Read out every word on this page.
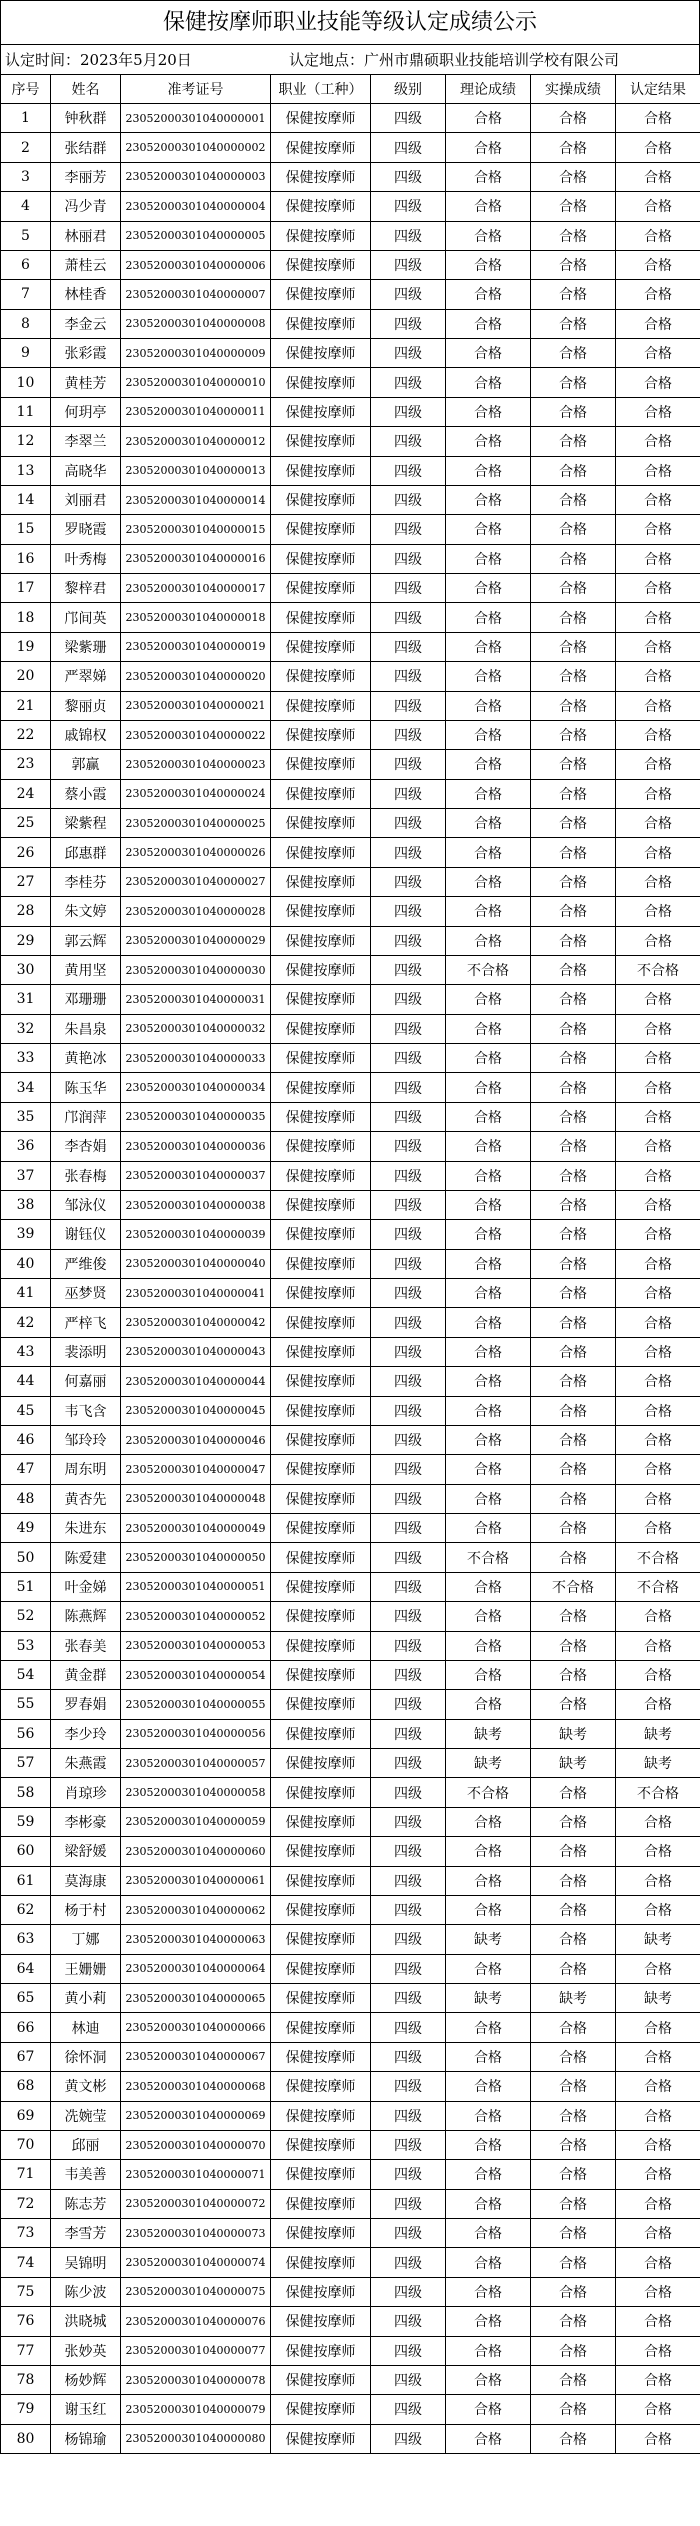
保健按摩师职业技能等级认定成绩公示
认定时间：2023年5月20日	认定地点：广州市鼎硕职业技能培训学校有限公司
序号	姓名	准考证号	职业（工种）	级别	理论成绩	实操成绩	认定结果
1	钟秋群	23052000301040000001	保健按摩师	四级	合格	合格	合格
2	张结群	23052000301040000002	保健按摩师	四级	合格	合格	合格
3	李丽芳	23052000301040000003	保健按摩师	四级	合格	合格	合格
4	冯少青	23052000301040000004	保健按摩师	四级	合格	合格	合格
5	林丽君	23052000301040000005	保健按摩师	四级	合格	合格	合格
6	萧桂云	23052000301040000006	保健按摩师	四级	合格	合格	合格
7	林桂香	23052000301040000007	保健按摩师	四级	合格	合格	合格
8	李金云	23052000301040000008	保健按摩师	四级	合格	合格	合格
9	张彩霞	23052000301040000009	保健按摩师	四级	合格	合格	合格
10	黄桂芳	23052000301040000010	保健按摩师	四级	合格	合格	合格
11	何玥亭	23052000301040000011	保健按摩师	四级	合格	合格	合格
12	李翠兰	23052000301040000012	保健按摩师	四级	合格	合格	合格
13	高晓华	23052000301040000013	保健按摩师	四级	合格	合格	合格
14	刘丽君	23052000301040000014	保健按摩师	四级	合格	合格	合格
15	罗晓霞	23052000301040000015	保健按摩师	四级	合格	合格	合格
16	叶秀梅	23052000301040000016	保健按摩师	四级	合格	合格	合格
17	黎梓君	23052000301040000017	保健按摩师	四级	合格	合格	合格
18	邝间英	23052000301040000018	保健按摩师	四级	合格	合格	合格
19	梁紫珊	23052000301040000019	保健按摩师	四级	合格	合格	合格
20	严翠娣	23052000301040000020	保健按摩师	四级	合格	合格	合格
21	黎丽贞	23052000301040000021	保健按摩师	四级	合格	合格	合格
22	戚锦权	23052000301040000022	保健按摩师	四级	合格	合格	合格
23	郭赢	23052000301040000023	保健按摩师	四级	合格	合格	合格
24	蔡小霞	23052000301040000024	保健按摩师	四级	合格	合格	合格
25	梁紫程	23052000301040000025	保健按摩师	四级	合格	合格	合格
26	邱惠群	23052000301040000026	保健按摩师	四级	合格	合格	合格
27	李桂芬	23052000301040000027	保健按摩师	四级	合格	合格	合格
28	朱文婷	23052000301040000028	保健按摩师	四级	合格	合格	合格
29	郭云辉	23052000301040000029	保健按摩师	四级	合格	合格	合格
30	黄用坚	23052000301040000030	保健按摩师	四级	不合格	合格	不合格
31	邓珊珊	23052000301040000031	保健按摩师	四级	合格	合格	合格
32	朱昌泉	23052000301040000032	保健按摩师	四级	合格	合格	合格
33	黄艳冰	23052000301040000033	保健按摩师	四级	合格	合格	合格
34	陈玉华	23052000301040000034	保健按摩师	四级	合格	合格	合格
35	邝润萍	23052000301040000035	保健按摩师	四级	合格	合格	合格
36	李杏娟	23052000301040000036	保健按摩师	四级	合格	合格	合格
37	张春梅	23052000301040000037	保健按摩师	四级	合格	合格	合格
38	邹泳仪	23052000301040000038	保健按摩师	四级	合格	合格	合格
39	谢钰仪	23052000301040000039	保健按摩师	四级	合格	合格	合格
40	严维俊	23052000301040000040	保健按摩师	四级	合格	合格	合格
41	巫梦贤	23052000301040000041	保健按摩师	四级	合格	合格	合格
42	严梓飞	23052000301040000042	保健按摩师	四级	合格	合格	合格
43	裴添明	23052000301040000043	保健按摩师	四级	合格	合格	合格
44	何嘉丽	23052000301040000044	保健按摩师	四级	合格	合格	合格
45	韦飞含	23052000301040000045	保健按摩师	四级	合格	合格	合格
46	邹玲玲	23052000301040000046	保健按摩师	四级	合格	合格	合格
47	周东明	23052000301040000047	保健按摩师	四级	合格	合格	合格
48	黄杏先	23052000301040000048	保健按摩师	四级	合格	合格	合格
49	朱进东	23052000301040000049	保健按摩师	四级	合格	合格	合格
50	陈爱建	23052000301040000050	保健按摩师	四级	不合格	合格	不合格
51	叶金娣	23052000301040000051	保健按摩师	四级	合格	不合格	不合格
52	陈燕辉	23052000301040000052	保健按摩师	四级	合格	合格	合格
53	张春美	23052000301040000053	保健按摩师	四级	合格	合格	合格
54	黄金群	23052000301040000054	保健按摩师	四级	合格	合格	合格
55	罗春娟	23052000301040000055	保健按摩师	四级	合格	合格	合格
56	李少玲	23052000301040000056	保健按摩师	四级	缺考	缺考	缺考
57	朱燕霞	23052000301040000057	保健按摩师	四级	缺考	缺考	缺考
58	肖琼珍	23052000301040000058	保健按摩师	四级	不合格	合格	不合格
59	李彬豪	23052000301040000059	保健按摩师	四级	合格	合格	合格
60	梁舒媛	23052000301040000060	保健按摩师	四级	合格	合格	合格
61	莫海康	23052000301040000061	保健按摩师	四级	合格	合格	合格
62	杨于村	23052000301040000062	保健按摩师	四级	合格	合格	合格
63	丁娜	23052000301040000063	保健按摩师	四级	缺考	合格	缺考
64	王姗姗	23052000301040000064	保健按摩师	四级	合格	合格	合格
65	黄小莉	23052000301040000065	保健按摩师	四级	缺考	缺考	缺考
66	林迪	23052000301040000066	保健按摩师	四级	合格	合格	合格
67	徐怀洞	23052000301040000067	保健按摩师	四级	合格	合格	合格
68	黄文彬	23052000301040000068	保健按摩师	四级	合格	合格	合格
69	冼婉莹	23052000301040000069	保健按摩师	四级	合格	合格	合格
70	邱丽	23052000301040000070	保健按摩师	四级	合格	合格	合格
71	韦美善	23052000301040000071	保健按摩师	四级	合格	合格	合格
72	陈志芳	23052000301040000072	保健按摩师	四级	合格	合格	合格
73	李雪芳	23052000301040000073	保健按摩师	四级	合格	合格	合格
74	吴锦明	23052000301040000074	保健按摩师	四级	合格	合格	合格
75	陈少波	23052000301040000075	保健按摩师	四级	合格	合格	合格
76	洪晓城	23052000301040000076	保健按摩师	四级	合格	合格	合格
77	张妙英	23052000301040000077	保健按摩师	四级	合格	合格	合格
78	杨妙辉	23052000301040000078	保健按摩师	四级	合格	合格	合格
79	谢玉红	23052000301040000079	保健按摩师	四级	合格	合格	合格
80	杨锦瑜	23052000301040000080	保健按摩师	四级	合格	合格	合格
